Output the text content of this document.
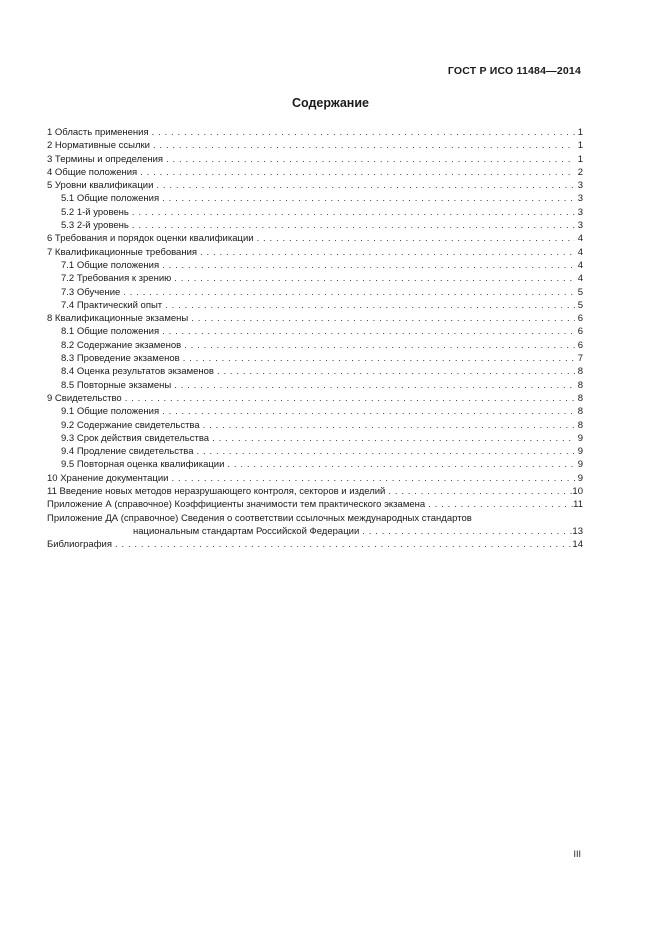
ГОСТ Р ИСО 11484—2014
Содержание
1 Область применения . . .	1
2 Нормативные ссылки . . .	1
3 Термины и определения . . .	1
4 Общие положения . . .	2
5 Уровни квалификации . . .	3
5.1 Общие положения . . .	3
5.2 1-й уровень . . .	3
5.3 2-й уровень . . .	3
6 Требования и порядок оценки квалификации . . .	4
7 Квалификационные требования . . .	4
7.1 Общие положения . . .	4
7.2 Требования к зрению . . .	4
7.3 Обучение . . .	5
7.4 Практический опыт . . .	5
8 Квалификационные экзамены . . .	6
8.1 Общие положения . . .	6
8.2 Содержание экзаменов . . .	6
8.3 Проведение экзаменов . . .	7
8.4 Оценка результатов экзаменов . . .	8
8.5 Повторные экзамены . . .	8
9 Свидетельство . . .	8
9.1 Общие положения . . .	8
9.2 Содержание свидетельства . . .	8
9.3 Срок действия свидетельства . . .	9
9.4 Продление свидетельства . . .	9
9.5 Повторная оценка квалификации . . .	9
10 Хранение документации . . .	9
11 Введение новых методов неразрушающего контроля, секторов и изделий . . .	10
Приложение А (справочное) Коэффициенты значимости тем практического экзамена . . .	11
Приложение ДА (справочное) Сведения о соответствии ссылочных международных стандартов
национальным стандартам Российской Федерации . . .	13
Библиография . . .	14
III
